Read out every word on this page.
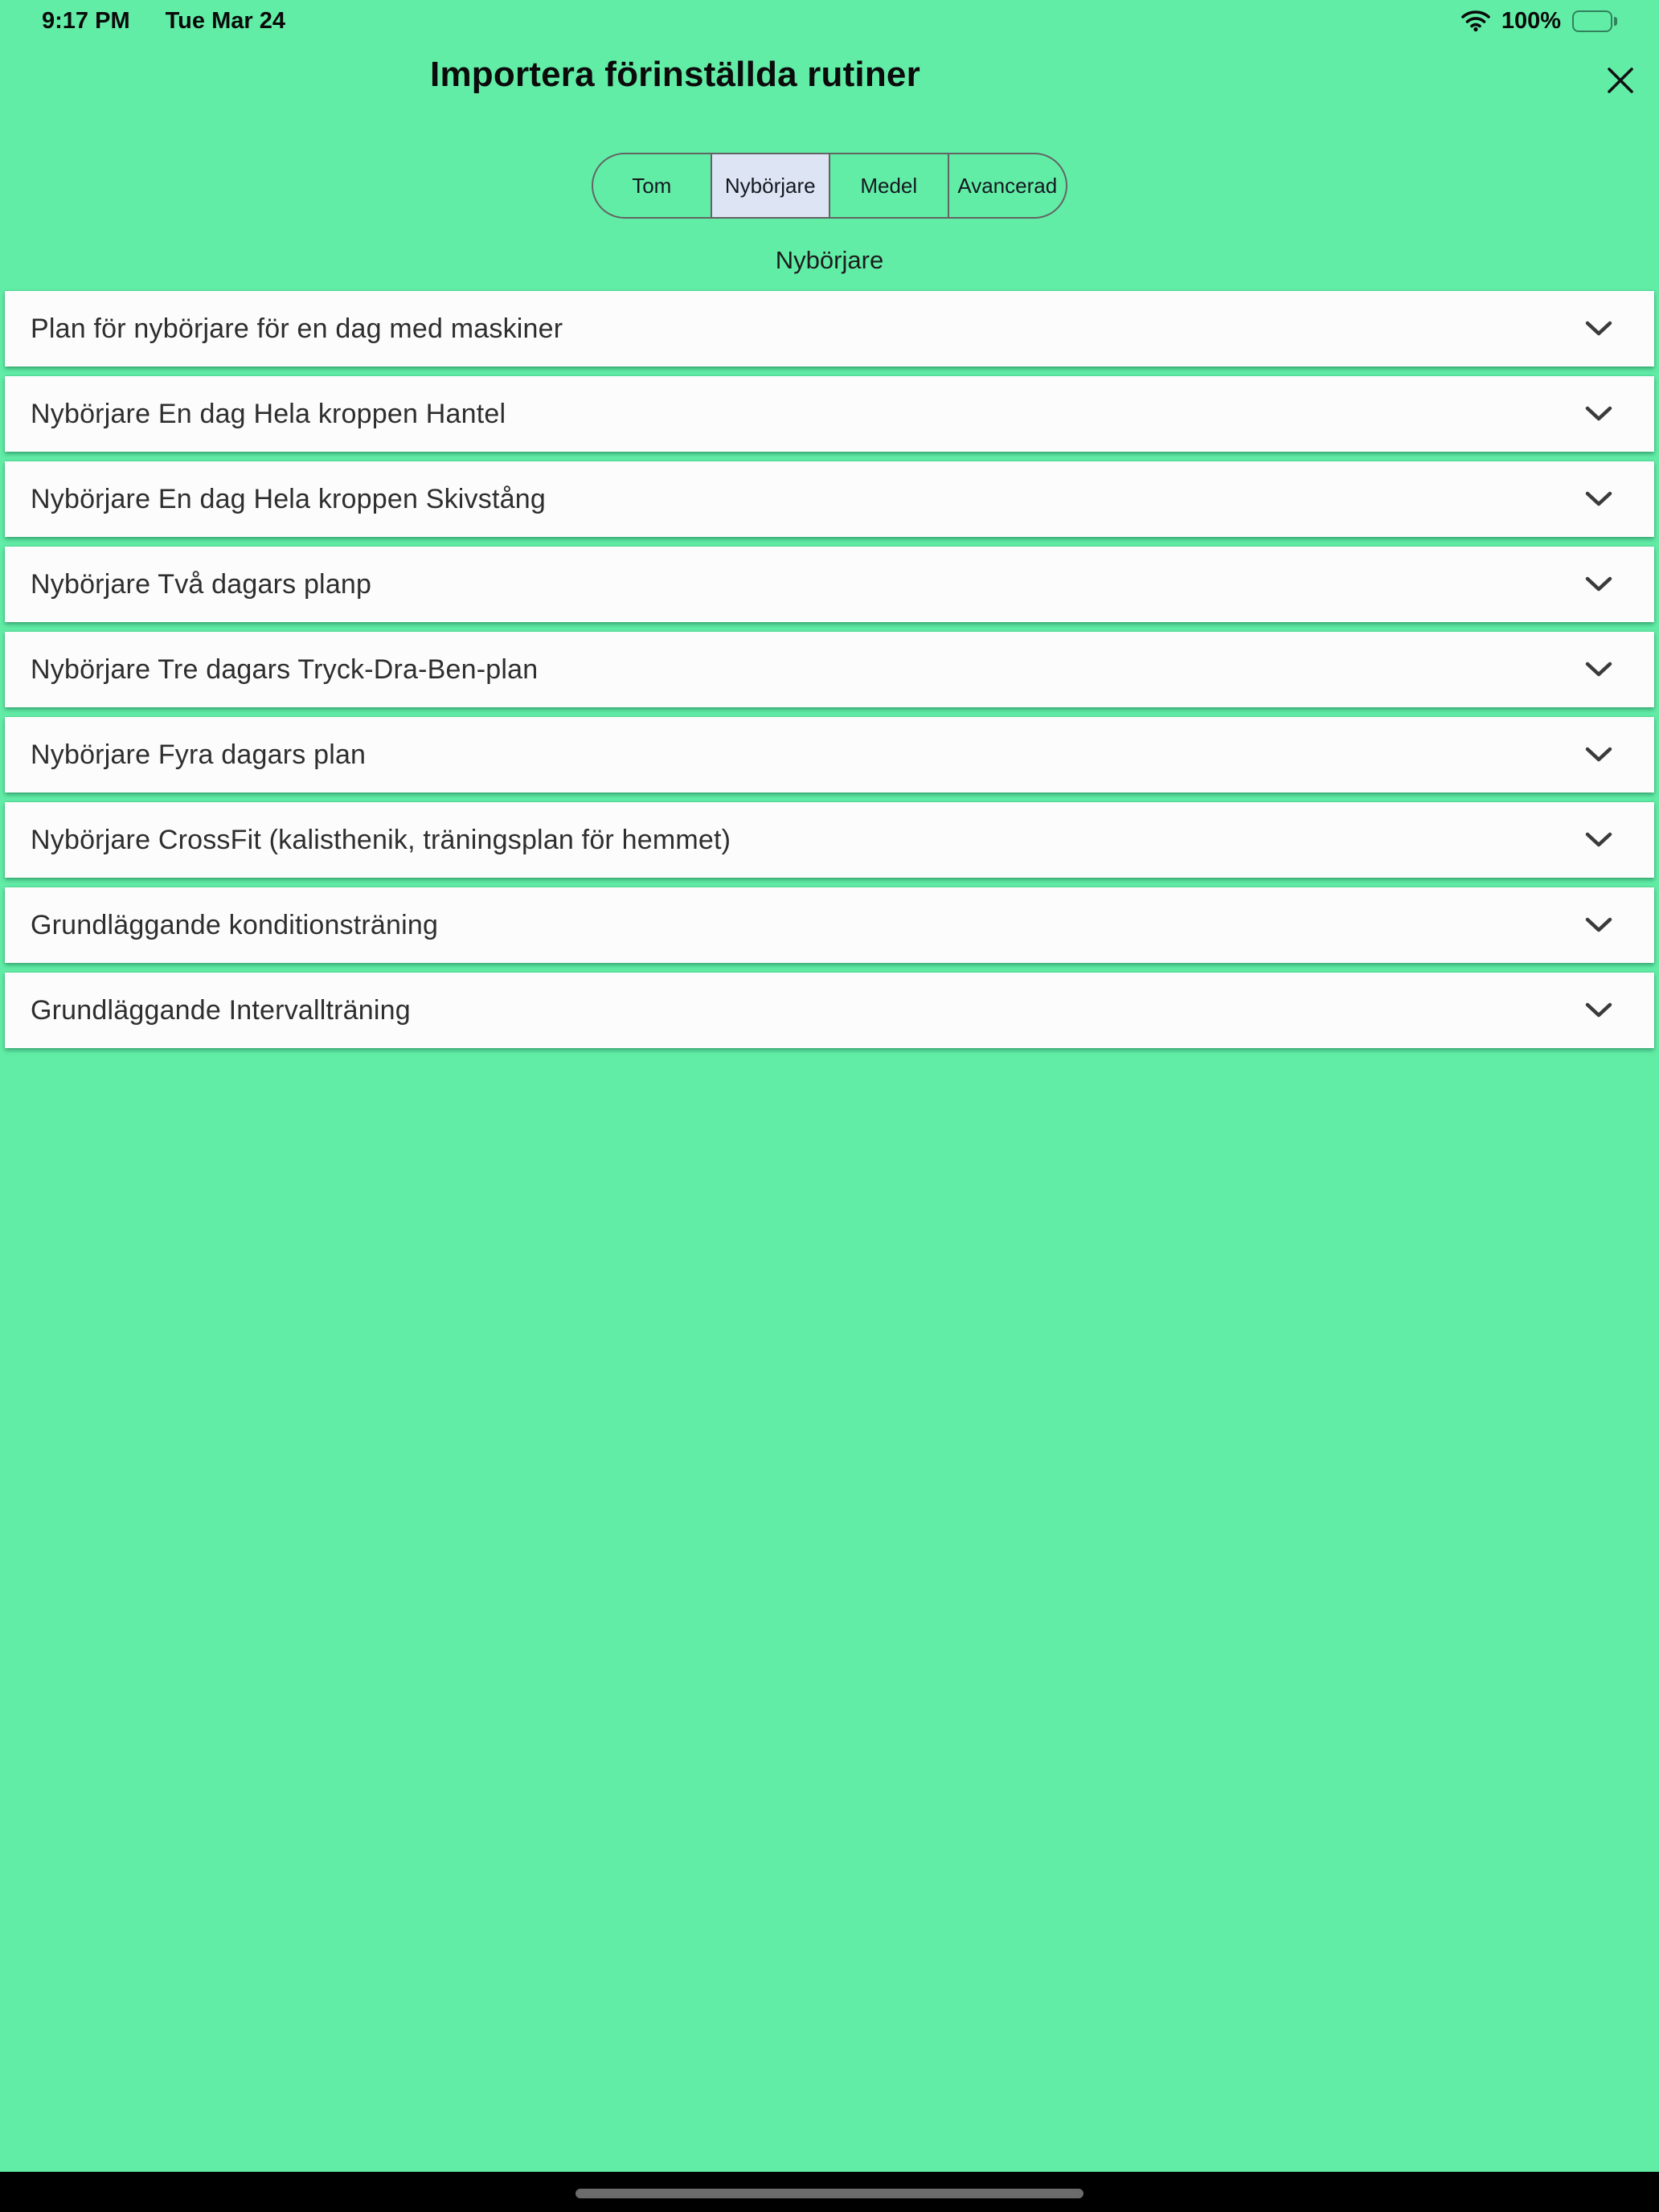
9:17 PM Tue Mar 24	100%
Importera förinställda rutiner
Tom	Nybörjare Medel Avancerad
Nybörjare
Plan för nybörjare för en dag med maskiner
Nybörjare En dag Hela kroppen Hantel
Nybörjare En dag Hela kroppen Skivstång
Nybörjare Två dagars planp
Nybörjare Tre dagars Tryck-Dra-Ben-plan
Nybörjare Fyra dagars plan
Nybörjare CrossFit (kalisthenik, träningsplan för hemmet)
Grundläggande konditionsträning
Grundläggande Intervallträning
